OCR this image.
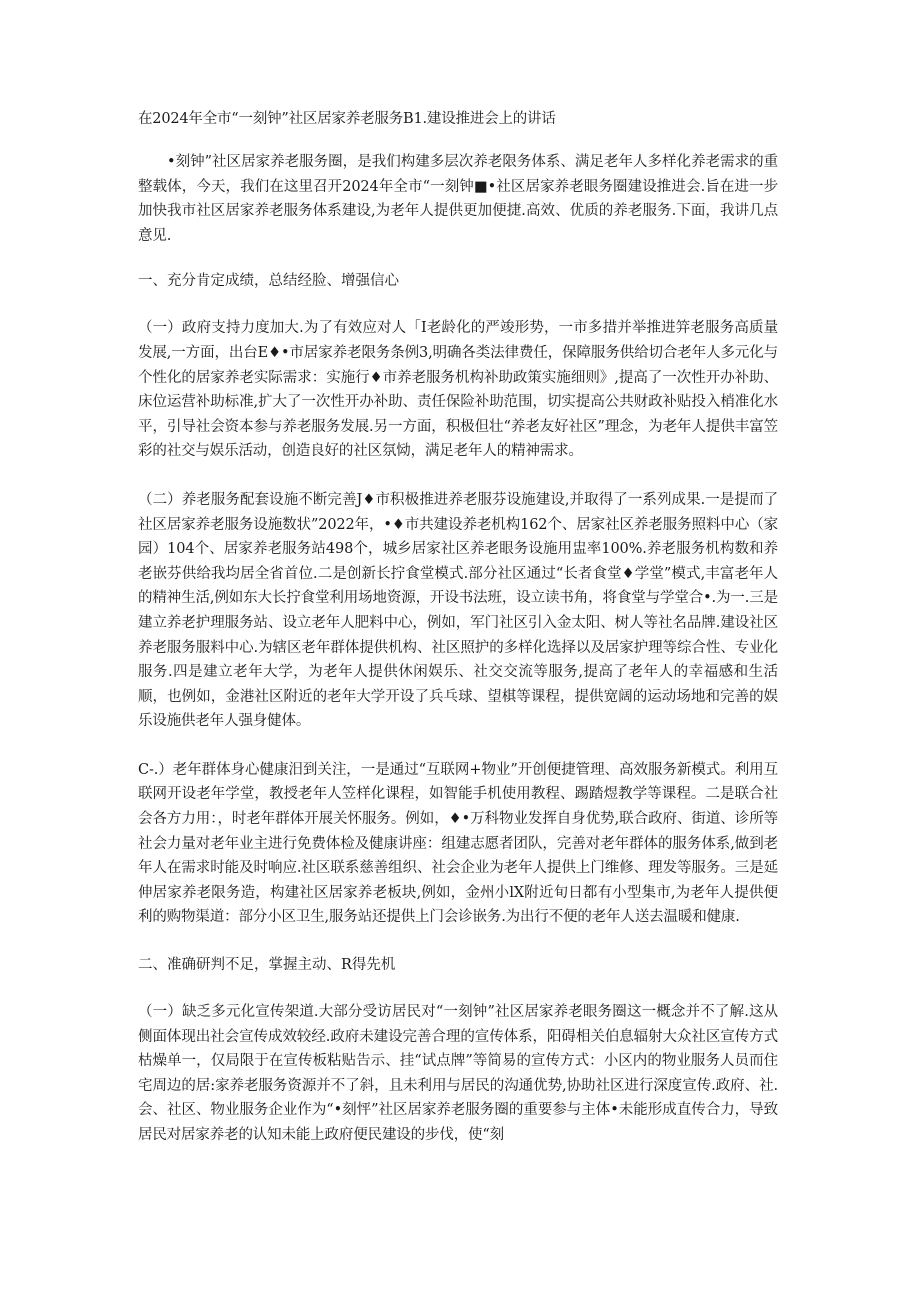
在2024年全市“一刻钟”社区居家养老服务B1.建设推进会上的讲话

•刻钟”社区居家养老服务圈，是我们构建多层次养老限务体系、满足老年人多样化养老需求的重整载体，今天，我们在这里召开2024年全市“一刻钟■•社区居家养老眼务圈建设推进会.旨在进一步加快我市社区居家养老服务体系建设,为老年人提供更加便捷.高效、优质的养老服务.下面，我讲几点意见.

一、充分肯定成绩，总结经脸、增强信心

（一）政府支持力度加大.为了有效应对人「I老龄化的严竣形势，一市多措并举推进笄老服务高质量发展,一方面，出台E♦•市居家养老限务条例3,明确各类法律费任，保障服务供给切合老年人多元化与个性化的居家养老实际需求：实施行♦市养老服务机构补助政策实施细则》,提高了一次性开办补助、床位运营补助标准,扩大了一次性开办补助、责任保险补助范围，切实提高公共财政补贴投入梢准化水平，引导社会资本参与养老服务发展.另一方面，积极但壮“养老友好社区”理念，为老年人提供丰富笠彩的社交与娱乐活动，创造良好的社区氛恸，满足老年人的精神需求。

（二）养老服务配套设施不断完善J♦市积极推进养老服芬设施建设,并取得了一系列成果.一是提而了社区居家养老服务设施数状”2022年，•♦市共建设养老机构162个、居家社区养老服务照料中心（家园）104个、居家养老服务站498个，城乡居家社区养老眼务设施用盅率100%.养老服务机构数和养老嵌芬供给我均居全省首位.二是创新长拧食堂模式.部分社区通过“长者食堂♦学堂”模式,丰富老年人的精神生活,例如东大长拧食堂利用场地资源，开设书法班，设立读书角，将食堂与学堂合•.为一.三是建立养老护理服务站、设立老年人肥料中心，例如，军门社区引入金太阳、树人等社名品牌.建设社区养老服务服料中心.为辖区老年群体提供机构、社区照护的多样化选择以及居家护理等综合性、专业化服务.四是建立老年大学，为老年人提供休闲娱乐、社交交流等服务,提高了老年人的幸福感和生活顺，也例如，金港社区附近的老年大学开设了兵乓球、望棋等课程，提供宽阔的运动场地和完善的娱乐设施供老年人强身健体。

C-.）老年群体身心健康汨到关注，一是通过“互联网+物业”开创便捷管理、高效服务新模式。利用互联网开设老年学堂，教授老年人笠样化课程，如智能手机使用教程、踢踏煜教学等课程。二是联合社会各方力用：，时老年群体开展关怀服务。例如，♦•万科物业发挥自身优势,联合政府、街道、诊所等社会力量对老年业主进行免费体检及健康讲座：组建志愿者团队，完善对老年群体的服务体系,做到老年人在需求时能及时响应.社区联系慈善组织、社会企业为老年人提供上门维修、理发等服务。三是延伸居家养老限务造，构建社区居家养老板块,例如，金州小lX附近旬日都有小型集市,为老年人提供便利的购物渠道：部分小区卫生,服务站还提供上门会诊嵌务.为出行不便的老年人送去温暖和健康.

二、准确研判不足，掌握主动、R得先机

（一）缺乏多元化宣传架道.大部分受访居民对“一刻钟”社区居家养老眼务圈这一概念并不了解.这从侧面体现出社会宣传成效较经.政府未建设完善合理的宣传体系，阳碍相关伯息辐射大众社区宣传方式枯燥单一，仅局限于在宣传板粘贴告示、挂“试点牌”等简易的宣传方式：小区内的物业服务人员而住宅周边的居:家养老服务资源并不了斜，且未利用与居民的沟通优势,协助社区进行深度宣传.政府、社.会、社区、物业服务企业作为“•刻怦”社区居家养老服务圈的重要参与主体•未能形成直传合力，导致居民对居家养老的认知未能上政府便民建设的步伐，使“刻
